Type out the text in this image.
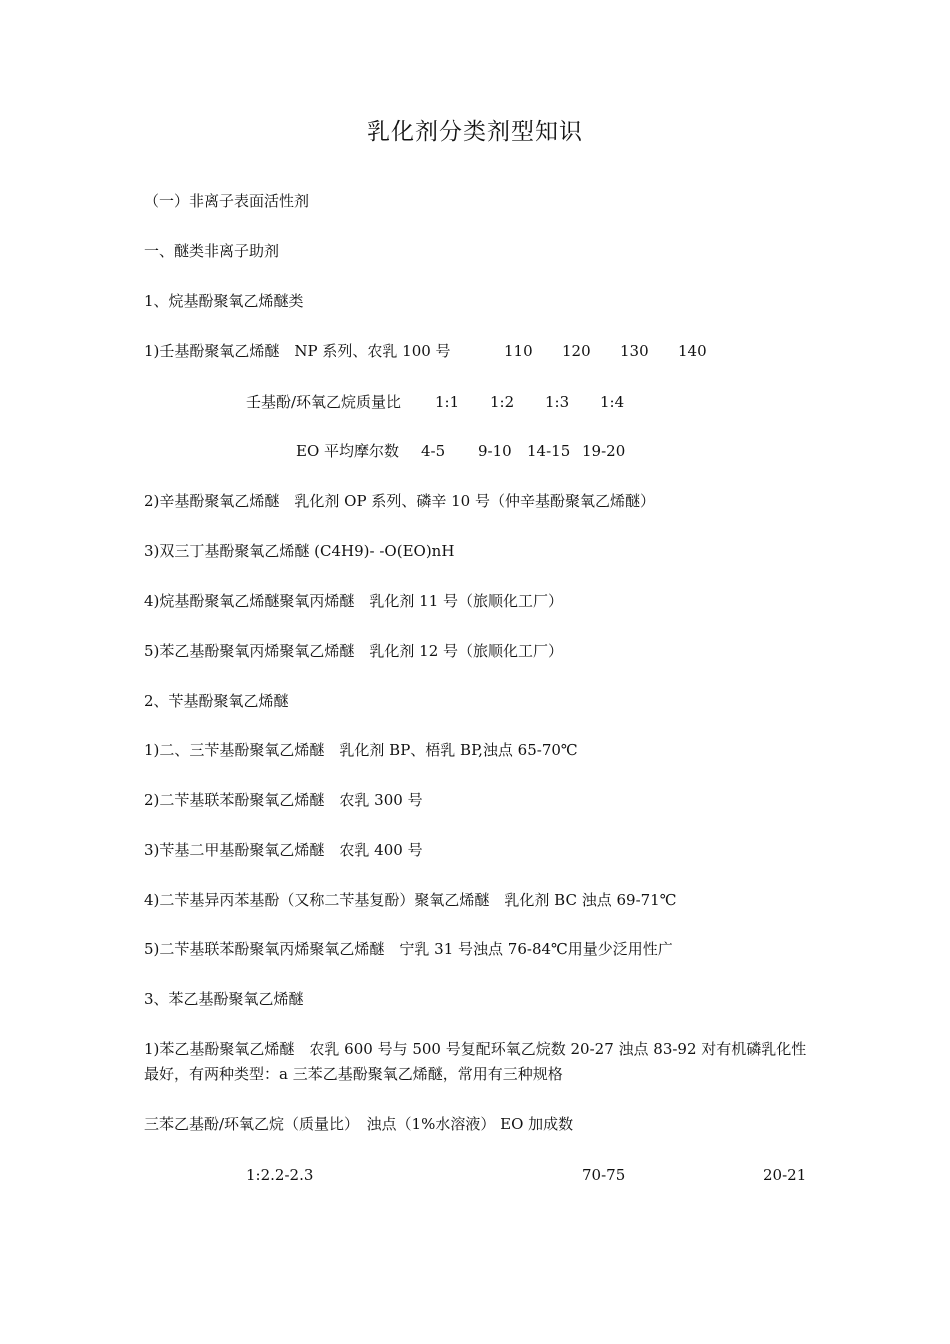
乳化剂分类剂型知识
（一）非离子表面活性剂
一、醚类非离子助剂
1、烷基酚聚氧乙烯醚类
1)壬基酚聚氧乙烯醚　NP 系列、农乳 100 号	110 120 130 140
壬基酚/环氧乙烷质量比 1:1 1:2 1:3 1:4
EO 平均摩尔数 4-5 9-10 14-15 19-20
2)辛基酚聚氧乙烯醚　乳化剂 OP 系列、磷辛 10 号（仲辛基酚聚氧乙烯醚）
3)双三丁基酚聚氧乙烯醚 (C4H9)- -O(EO)nH
4)烷基酚聚氧乙烯醚聚氧丙烯醚　乳化剂 11 号（旅顺化工厂）
5)苯乙基酚聚氧丙烯聚氧乙烯醚　乳化剂 12 号（旅顺化工厂）
2、苄基酚聚氧乙烯醚
1)二、三苄基酚聚氧乙烯醚　乳化剂 BP、梧乳 BP,浊点 65-70℃
2)二苄基联苯酚聚氧乙烯醚　农乳 300 号
3)苄基二甲基酚聚氧乙烯醚　农乳 400 号
4)二苄基异丙苯基酚（又称二苄基复酚）聚氧乙烯醚　乳化剂 BC 浊点 69-71℃
5)二苄基联苯酚聚氧丙烯聚氧乙烯醚　宁乳 31 号浊点 76-84℃用量少泛用性广
3、苯乙基酚聚氧乙烯醚
1)苯乙基酚聚氧乙烯醚　农乳 600 号与 500 号复配环氧乙烷数 20-27 浊点 83-92 对有机磷乳化性最好，有两种类型：a 三苯乙基酚聚氧乙烯醚，常用有三种规格
三苯乙基酚/环氧乙烷（质量比）　浊点（1%水溶液） EO 加成数
1:2.2-2.3	70-75	20-21
